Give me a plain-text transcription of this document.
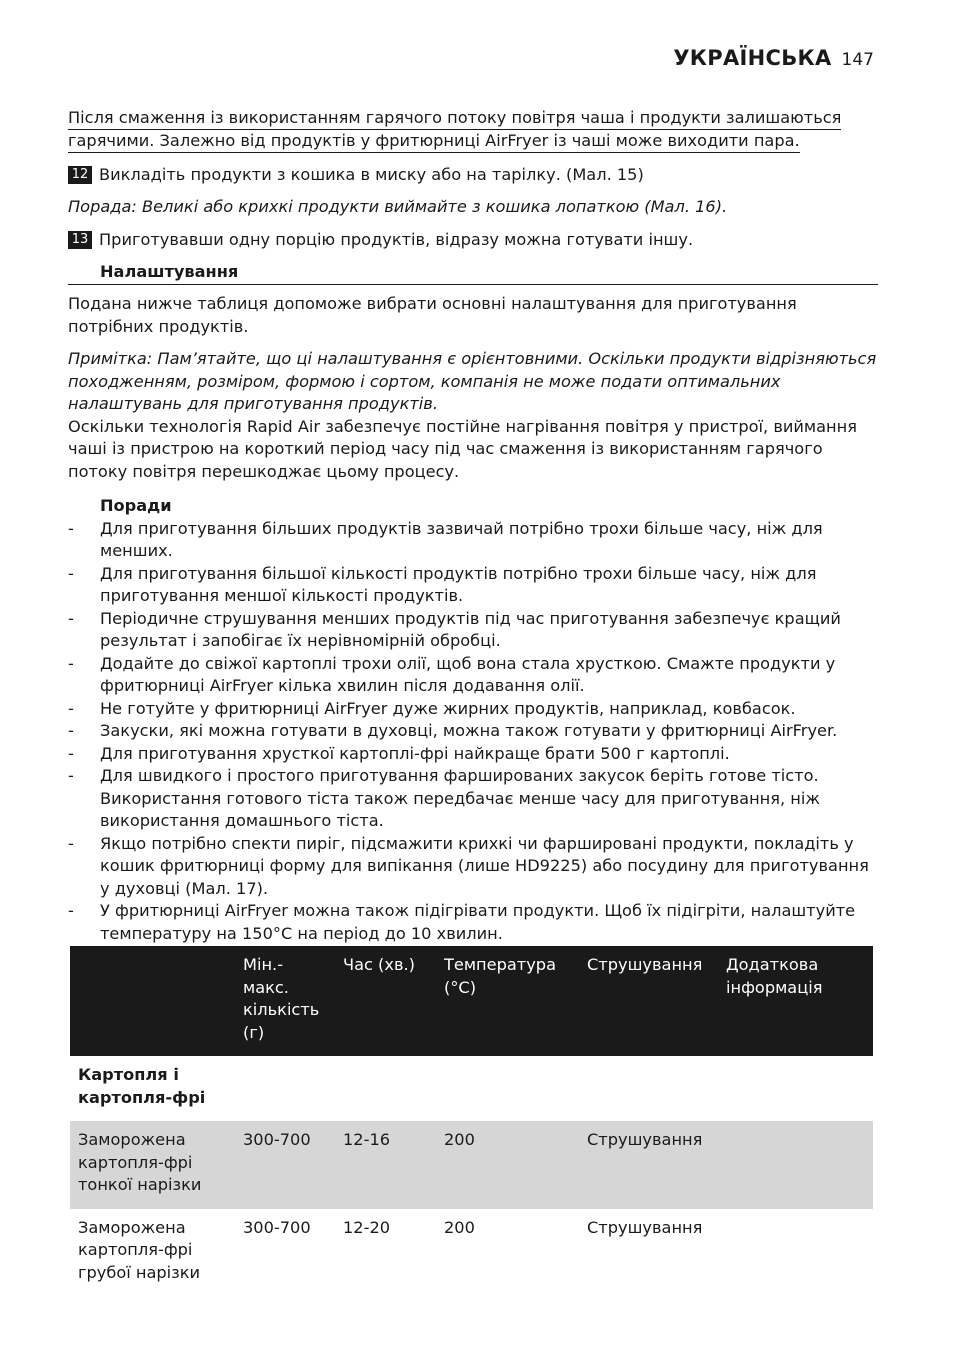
УКРАЇНСЬКА 147
Після смаження із використанням гарячого потоку повітря чаша і продукти залишаються
гарячими. Залежно від продуктів у фритюрниці AirFryer із чаші може виходити пара.
12 Викладіть продукти з кошика в миску або на тарілку. (Мал. 15)

Порада: Великі або крихкі продукти виймайте з кошика лопаткою (Мал. 16).

13 Приготувавши одну порцію продуктів, відразу можна готувати іншу.
Налаштування

Подана нижче таблиця допоможе вибрати основні налаштування для приготування потрібних продуктів.

Примітка: Пам’ятайте, що ці налаштування є орієнтовними. Оскільки продукти відрізняються походженням, розміром, формою і сортом, компанія не може подати оптимальних налаштувань для приготування продуктів.

Оскільки технологія Rapid Air забезпечує постійне нагрівання повітря у пристрої, виймання чаші із пристрою на короткий період часу під час смаження із використанням гарячого потоку повітря перешкоджає цьому процесу.

Поради
- Для приготування більших продуктів зазвичай потрібно трохи більше часу, ніж для менших.
- Для приготування більшої кількості продуктів потрібно трохи більше часу, ніж для приготування меншої кількості продуктів.
- Періодичне струшування менших продуктів під час приготування забезпечує кращий результат і запобігає їх нерівномірній обробці.
- Додайте до свіжої картоплі трохи олії, щоб вона стала хрусткою. Смажте продукти у фритюрниці AirFryer кілька хвилин після додавання олії.
- Не готуйте у фритюрниці AirFryer дуже жирних продуктів, наприклад, ковбасок.
- Закуски, які можна готувати в духовці, можна також готувати у фритюрниці AirFryer.
- Для приготування хрусткої картоплі-фрі найкраще брати 500 г картоплі.
- Для швидкого і простого приготування фаршированих закусок беріть готове тісто. Використання готового тіста також передбачає менше часу для приготування, ніж використання домашнього тіста.
- Якщо потрібно спекти пиріг, підсмажити крихкі чи фаршировані продукти, покладіть у кошик фритюрниці форму для випікання (лише HD9225) або посудину для приготування у духовці (Мал. 17).
- У фритюрниці AirFryer можна також підігрівати продукти. Щоб їх підігріти, налаштуйте температуру на 150°C на період до 10 хвилин.
	Мін.-макс. кількість (г)	Час (хв.)	Температура (°C)	Струшування	Додаткова інформація
Картопля і картопля-фрі					
Заморожена картопля-фрі тонкої нарізки	300-700	12-16	200	Струшування	
Заморожена картопля-фрі грубої нарізки	300-700	12-20	200	Струшування	
